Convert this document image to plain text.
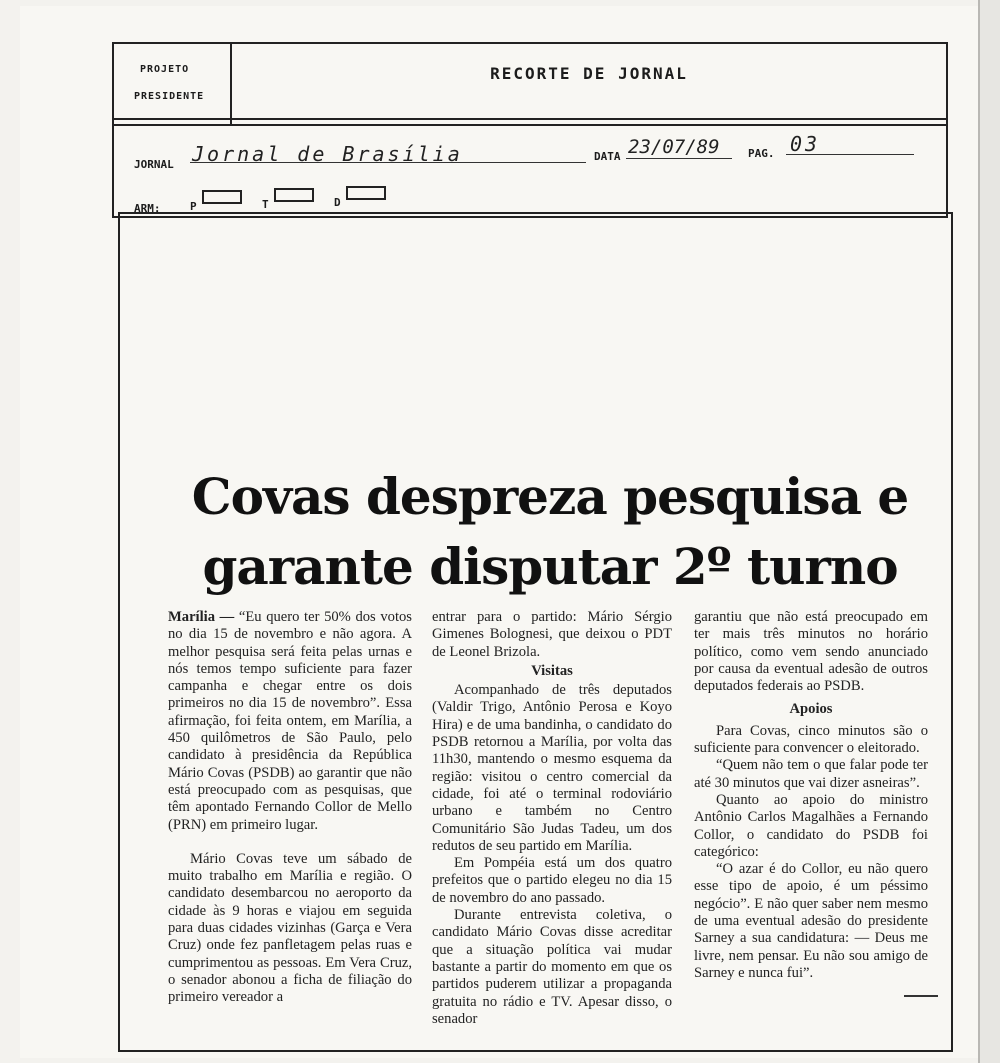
PROJETO
PRESIDENTE
RECORTE DE JORNAL
JORNAL Jornal de Brasília	DATA 23/07/89	PAG. 03
ARM:	P	T	D
Covas despreza pesquisa e
garante disputar 2º turno

Marília — “Eu quero ter 50% dos votos no dia 15 de novembro e não agora. A melhor pesquisa será feita pelas urnas e nós temos tempo suficiente para fazer campanha e chegar entre os dois primeiros no dia 15 de novembro”. Essa afirmação, foi feita ontem, em Marília, a 450 quilômetros de São Paulo, pelo candidato à presidência da República Mário Covas (PSDB) ao garantir que não está preocupado com as pesquisas, que têm apontado Fernando Collor de Mello (PRN) em primeiro lugar.

Mário Covas teve um sábado de muito trabalho em Marília e região. O candidato desembarcou no aeroporto da cidade às 9 horas e viajou em seguida para duas cidades vizinhas (Garça e Vera Cruz) onde fez panfletagem pelas ruas e cumprimentou as pessoas. Em Vera Cruz, o senador abonou a ficha de filiação do primeiro vereador a

entrar para o partido: Mário Sérgio Gimenes Bolognesi, que deixou o PDT de Leonel Brizola.

Visitas

Acompanhado de três deputados (Valdir Trigo, Antônio Perosa e Koyo Hira) e de uma bandinha, o candidato do PSDB retornou a Marília, por volta das 11h30, mantendo o mesmo esquema da região: visitou o centro comercial da cidade, foi até o terminal rodoviário urbano e também no Centro Comunitário São Judas Tadeu, um dos redutos de seu partido em Marília.

Em Pompéia está um dos quatro prefeitos que o partido elegeu no dia 15 de novembro do ano passado.

Durante entrevista coletiva, o candidato Mário Covas disse acreditar que a situação política vai mudar bastante a partir do momento em que os partidos puderem utilizar a propaganda gratuita no rádio e TV. Apesar disso, o senador

garantiu que não está preocupado em ter mais três minutos no horário político, como vem sendo anunciado por causa da eventual adesão de outros deputados federais ao PSDB.

Apoios

Para Covas, cinco minutos são o suficiente para convencer o eleitorado.

“Quem não tem o que falar pode ter até 30 minutos que vai dizer asneiras”.

Quanto ao apoio do ministro Antônio Carlos Magalhães a Fernando Collor, o candidato do PSDB foi categórico:

“O azar é do Collor, eu não quero esse tipo de apoio, é um péssimo negócio”. E não quer saber nem mesmo de uma eventual adesão do presidente Sarney a sua candidatura: — Deus me livre, nem pensar. Eu não sou amigo de Sarney e nunca fui”.
